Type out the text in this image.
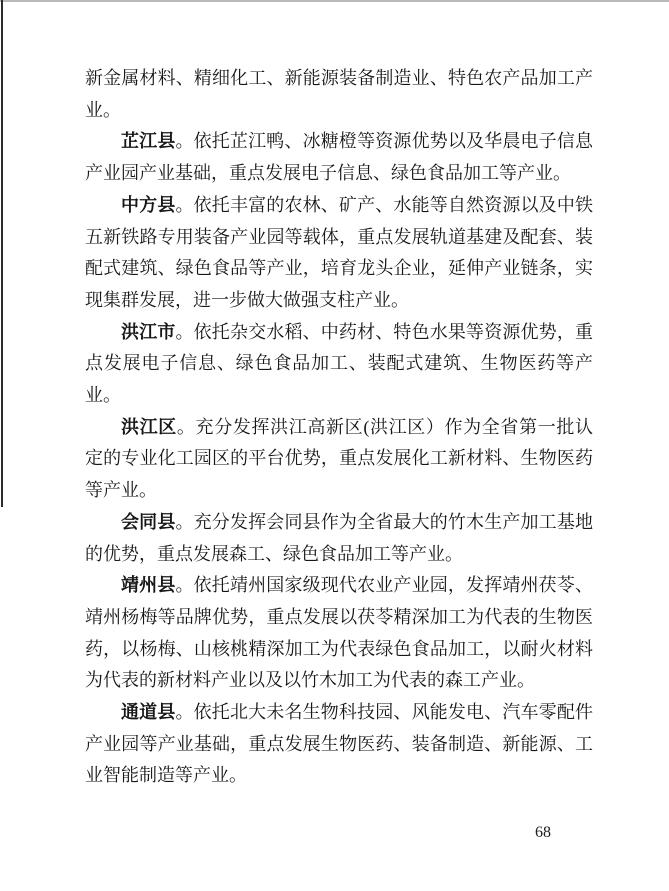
新金属材料、精细化工、新能源装备制造业、特色农产品加工产业。

芷江县。依托芷江鸭、冰糖橙等资源优势以及华晨电子信息产业园产业基础，重点发展电子信息、绿色食品加工等产业。

中方县。依托丰富的农林、矿产、水能等自然资源以及中铁五新铁路专用装备产业园等载体，重点发展轨道基建及配套、装配式建筑、绿色食品等产业，培育龙头企业，延伸产业链条，实现集群发展，进一步做大做强支柱产业。

洪江市。依托杂交水稻、中药材、特色水果等资源优势，重点发展电子信息、绿色食品加工、装配式建筑、生物医药等产业。

洪江区。充分发挥洪江高新区(洪江区）作为全省第一批认定的专业化工园区的平台优势，重点发展化工新材料、生物医药等产业。

会同县。充分发挥会同县作为全省最大的竹木生产加工基地的优势，重点发展森工、绿色食品加工等产业。

靖州县。依托靖州国家级现代农业产业园，发挥靖州茯苓、靖州杨梅等品牌优势，重点发展以茯苓精深加工为代表的生物医药，以杨梅、山核桃精深加工为代表绿色食品加工，以耐火材料为代表的新材料产业以及以竹木加工为代表的森工产业。

通道县。依托北大未名生物科技园、风能发电、汽车零配件产业园等产业基础，重点发展生物医药、装备制造、新能源、工业智能制造等产业。

68
